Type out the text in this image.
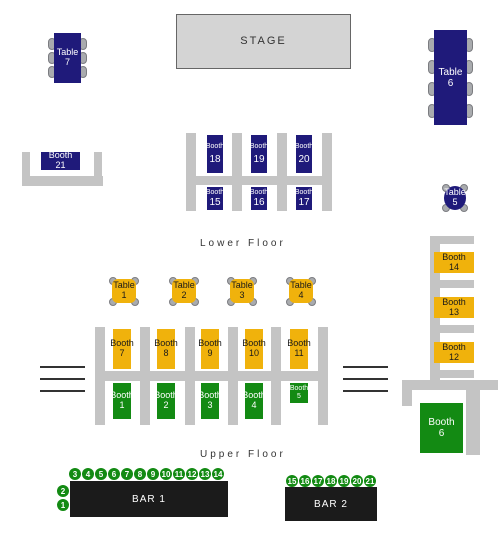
STAGE
Table
7
Table
6
Booth
21
Booth
18
Booth
19
Booth
20
Booth
15
Booth
16
Booth
17
Table
5
Lower Floor
Booth
14
Booth
13
Booth
12
Table
1
Table
2
Table
3
Table
4
Booth
7
Booth
8
Booth
9
Booth
10
Booth
11
Booth
1
Booth
2
Booth
3
Booth
4
Booth
5
Booth
6
Upper Floor
1
2
3	4	5	6	7	8	9 10 11 12 13 14
BAR 1
15 16 17 18 19 20 21
BAR 2
